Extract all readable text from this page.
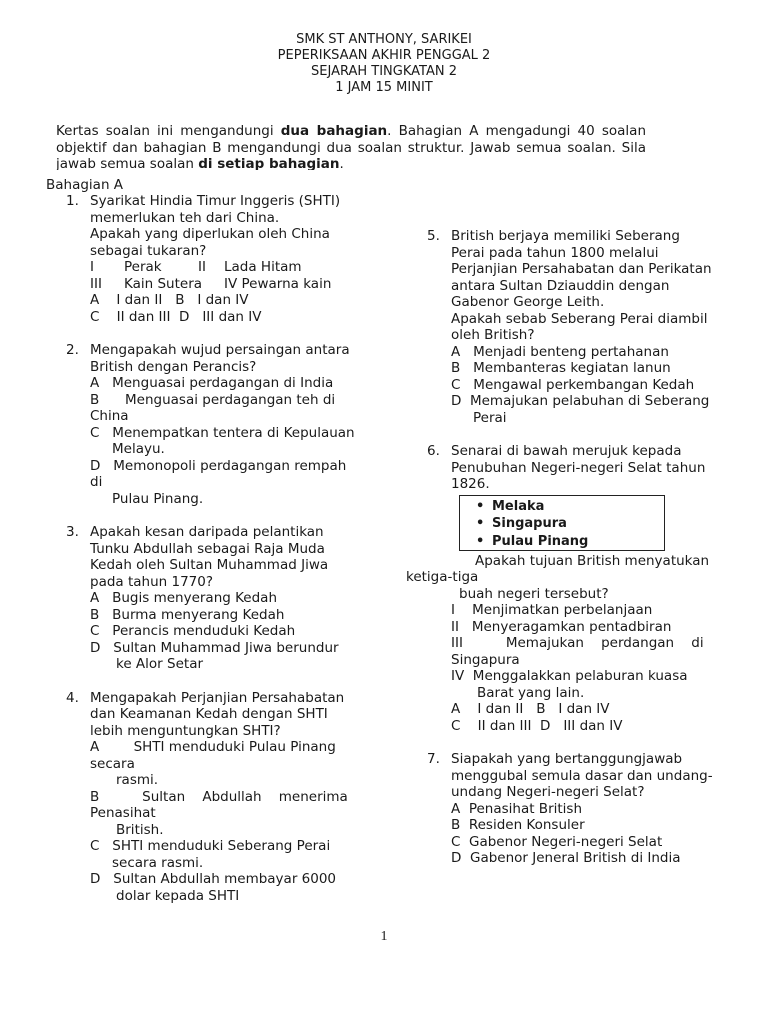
SMK ST ANTHONY, SARIKEI
PEPERIKSAAN AKHIR PENGGAL 2
SEJARAH TINGKATAN 2
1 JAM 15 MINIT
Kertas soalan ini mengandungi dua bahagian. Bahagian A mengadungi 40 soalan objektif dan bahagian B mengandungi dua soalan struktur. Jawab semua soalan. Sila jawab semua soalan di setiap bahagian.
Bahagian A
1. Syarikat Hindia Timur Inggeris (SHTI)
memerlukan teh dari China.
Apakah yang diperlukan oleh China
sebagai tukaran?
I Perak	II Lada Hitam
III Kain Sutera IV Pewarna kain
A    I dan II   B   I dan IV
C    II dan III  D   III dan IV
2. Mengapakah wujud persaingan antara
British dengan Perancis?
A   Menguasai perdagangan di India
B      Menguasai perdagangan teh di
China
C   Menempatkan tentera di Kepulauan
Melayu.
D   Memonopoli perdagangan rempah
di
Pulau Pinang.
3. Apakah kesan daripada pelantikan
Tunku Abdullah sebagai Raja Muda
Kedah oleh Sultan Muhammad Jiwa
pada tahun 1770?
A   Bugis menyerang Kedah
B   Burma menyerang Kedah
C   Perancis menduduki Kedah
D   Sultan Muhammad Jiwa berundur
ke Alor Setar
4. Mengapakah Perjanjian Persahabatan
dan Keamanan Kedah dengan SHTI
lebih menguntungkan SHTI?
A        SHTI menduduki Pulau Pinang
secara
rasmi.
B          Sultan    Abdullah    menerima
Penasihat
British.
C   SHTI menduduki Seberang Perai
secara rasmi.
D   Sultan Abdullah membayar 6000
dolar kepada SHTI
5. British berjaya memiliki Seberang
Perai pada tahun 1800 melalui
Perjanjian Persahabatan dan Perikatan
antara Sultan Dziauddin dengan
Gabenor George Leith.
Apakah sebab Seberang Perai diambil
oleh British?
A   Menjadi benteng pertahanan
B   Membanteras kegiatan lanun
C   Mengawal perkembangan Kedah
D  Memajukan pelabuhan di Seberang
Perai
6. Senarai di bawah merujuk kepada
Penubuhan Negeri-negeri Selat tahun
1826.
• Melaka
• Singapura
• Pulau Pinang
Apakah tujuan British menyatukan
ketiga-tiga
buah negeri tersebut?
I    Menjimatkan perbelanjaan
II   Menyeragamkan pentadbiran
III          Memajukan    perdangan    di
Singapura
IV  Menggalakkan pelaburan kuasa
Barat yang lain.
A    I dan II   B   I dan IV
C    II dan III  D   III dan IV
7. Siapakah yang bertanggungjawab
menggubal semula dasar dan undang-
undang Negeri-negeri Selat?
A  Penasihat British
B  Residen Konsuler
C  Gabenor Negeri-negeri Selat
D  Gabenor Jeneral British di India
1
